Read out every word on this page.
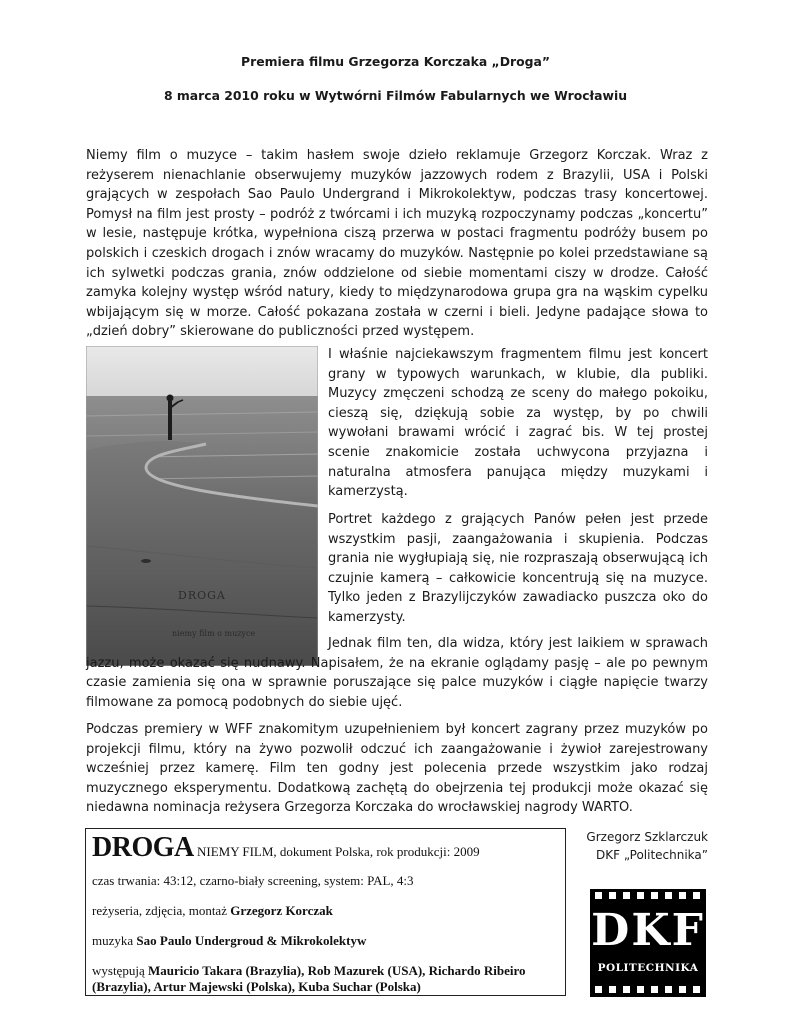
Premiera filmu Grzegorza Korczaka „Droga”
8 marca 2010 roku w Wytwórni Filmów Fabularnych we Wrocławiu

Niemy film o muzyce – takim hasłem swoje dzieło reklamuje Grzegorz Korczak. Wraz z reżyserem nienachlanie obserwujemy muzyków jazzowych rodem z Brazylii, USA i Polski grających w zespołach Sao Paulo Undergrand i Mikrokolektyw, podczas trasy koncertowej. Pomysł na film jest prosty – podróż z twórcami i ich muzyką rozpoczynamy podczas „koncertu” w lesie, następuje krótka, wypełniona ciszą przerwa w postaci fragmentu podróży busem po polskich i czeskich drogach i znów wracamy do muzyków. Następnie po kolei przedstawiane są ich sylwetki podczas grania, znów oddzielone od siebie momentami ciszy w drodze. Całość zamyka kolejny występ wśród natury, kiedy to międzynarodowa grupa gra na wąskim cypelku wbijającym się w morze. Całość pokazana została w czerni i bieli. Jedyne padające słowa to „dzień dobry” skierowane do publiczności przed występem.

DROGA
niemy film o muzyce

I właśnie najciekawszym fragmentem filmu jest koncert grany w typowych warunkach, w klubie, dla publiki. Muzycy zmęczeni schodzą ze sceny do małego pokoiku, cieszą się, dziękują sobie za występ, by po chwili wywołani brawami wrócić i zagrać bis. W tej prostej scenie znakomicie została uchwycona przyjazna i naturalna atmosfera panująca między muzykami i kamerzystą.

Portret każdego z grających Panów pełen jest przede wszystkim pasji, zaangażowania i skupienia. Podczas grania nie wygłupiają się, nie rozpraszają obserwującą ich czujnie kamerą – całkowicie koncentrują się na muzyce. Tylko jeden z Brazylijczyków zawadiacko puszcza oko do kamerzysty.

Jednak film ten, dla widza, który jest laikiem w sprawach jazzu, może okazać się nudnawy. Napisałem, że na ekranie oglądamy pasję – ale po pewnym czasie zamienia się ona w sprawnie poruszające się palce muzyków i ciągłe napięcie twarzy filmowane za pomocą podobnych do siebie ujęć.

Podczas premiery w WFF znakomitym uzupełnieniem był koncert zagrany przez muzyków po projekcji filmu, który na żywo pozwolił odczuć ich zaangażowanie i żywioł zarejestrowany wcześniej przez kamerę. Film ten godny jest polecenia przede wszystkim jako rodzaj muzycznego eksperymentu. Dodatkową zachętą do obejrzenia tej produkcji może okazać się niedawna nominacja reżysera Grzegorza Korczaka do wrocławskiej nagrody WARTO.

DROGA NIEMY FILM, dokument Polska, rok produkcji: 2009

czas trwania: 43:12, czarno-biały screening, system: PAL, 4:3

reżyseria, zdjęcia, montaż Grzegorz Korczak

muzyka Sao Paulo Undergroud & Mikrokolektyw

występują Mauricio Takara (Brazylia), Rob Mazurek (USA), Richardo Ribeiro (Brazylia), Artur Majewski (Polska), Kuba Suchar (Polska)

Grzegorz Szklarczuk
DKF „Politechnika”
DKF
POLITECHNIKA
